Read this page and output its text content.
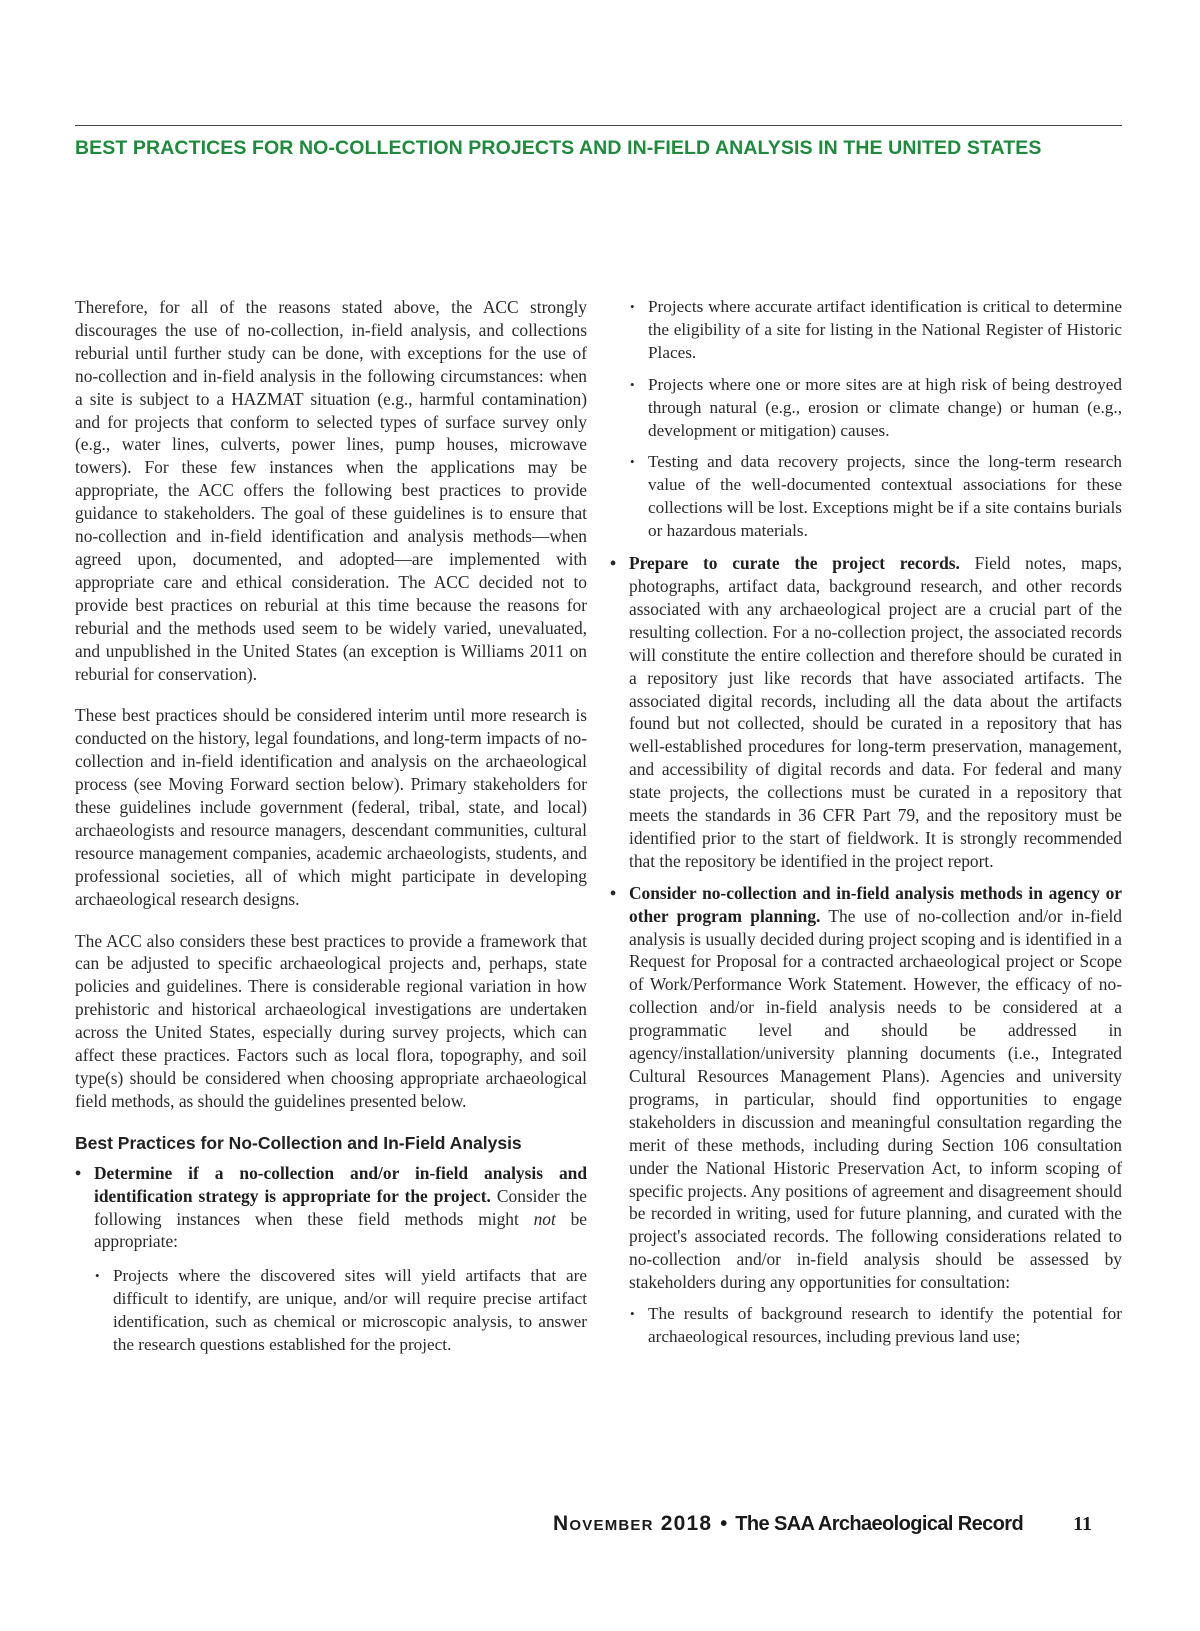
BEST PRACTICES FOR NO-COLLECTION PROJECTS AND IN-FIELD ANALYSIS IN THE UNITED STATES

Therefore, for all of the reasons stated above, the ACC strongly discourages the use of no-collection, in-field analysis, and collections reburial until further study can be done, with exceptions for the use of no-collection and in-field analysis in the following circumstances: when a site is subject to a HAZMAT situation (e.g., harmful contamination) and for projects that conform to selected types of surface survey only (e.g., water lines, culverts, power lines, pump houses, microwave towers). For these few instances when the applications may be appropriate, the ACC offers the following best practices to provide guidance to stakeholders. The goal of these guidelines is to ensure that no-collection and in-field identification and analysis methods—when agreed upon, documented, and adopted—are implemented with appropriate care and ethical consideration. The ACC decided not to provide best practices on reburial at this time because the reasons for reburial and the methods used seem to be widely varied, unevaluated, and unpublished in the United States (an exception is Williams 2011 on reburial for conservation).

These best practices should be considered interim until more research is conducted on the history, legal foundations, and long-term impacts of no-collection and in-field identification and analysis on the archaeological process (see Moving Forward section below). Primary stakeholders for these guidelines include government (federal, tribal, state, and local) archaeologists and resource managers, descendant communities, cultural resource management companies, academic archaeologists, students, and professional societies, all of which might participate in developing archaeological research designs.

The ACC also considers these best practices to provide a framework that can be adjusted to specific archaeological projects and, perhaps, state policies and guidelines. There is considerable regional variation in how prehistoric and historical archaeological investigations are undertaken across the United States, especially during survey projects, which can affect these practices. Factors such as local flora, topography, and soil type(s) should be considered when choosing appropriate archaeological field methods, as should the guidelines presented below.

Best Practices for No-Collection and In-Field Analysis
• Determine if a no-collection and/or in-field analysis and identification strategy is appropriate for the project. Consider the following instances when these field methods might not be appropriate:
• Projects where the discovered sites will yield artifacts that are difficult to identify, are unique, and/or will require precise artifact identification, such as chemical or microscopic analysis, to answer the research questions established for the project.
• Projects where accurate artifact identification is critical to determine the eligibility of a site for listing in the National Register of Historic Places.
• Projects where one or more sites are at high risk of being destroyed through natural (e.g., erosion or climate change) or human (e.g., development or mitigation) causes.
• Testing and data recovery projects, since the long-term research value of the well-documented contextual associations for these collections will be lost. Exceptions might be if a site contains burials or hazardous materials.
• Prepare to curate the project records. Field notes, maps, photographs, artifact data, background research, and other records associated with any archaeological project are a crucial part of the resulting collection. For a no-collection project, the associated records will constitute the entire collection and therefore should be curated in a repository just like records that have associated artifacts. The associated digital records, including all the data about the artifacts found but not collected, should be curated in a repository that has well-established procedures for long-term preservation, management, and accessibility of digital records and data. For federal and many state projects, the collections must be curated in a repository that meets the standards in 36 CFR Part 79, and the repository must be identified prior to the start of fieldwork. It is strongly recommended that the repository be identified in the project report.
• Consider no-collection and in-field analysis methods in agency or other program planning. The use of no-collection and/or in-field analysis is usually decided during project scoping and is identified in a Request for Proposal for a contracted archaeological project or Scope of Work/Performance Work Statement. However, the efficacy of no-collection and/or in-field analysis needs to be considered at a programmatic level and should be addressed in agency/installation/university planning documents (i.e., Integrated Cultural Resources Management Plans). Agencies and university programs, in particular, should find opportunities to engage stakeholders in discussion and meaningful consultation regarding the merit of these methods, including during Section 106 consultation under the National Historic Preservation Act, to inform scoping of specific projects. Any positions of agreement and disagreement should be recorded in writing, used for future planning, and curated with the project's associated records. The following considerations related to no-collection and/or in-field analysis should be assessed by stakeholders during any opportunities for consultation:
• The results of background research to identify the potential for archaeological resources, including previous land use;
November 2018 • The SAA Archaeological Record	11
